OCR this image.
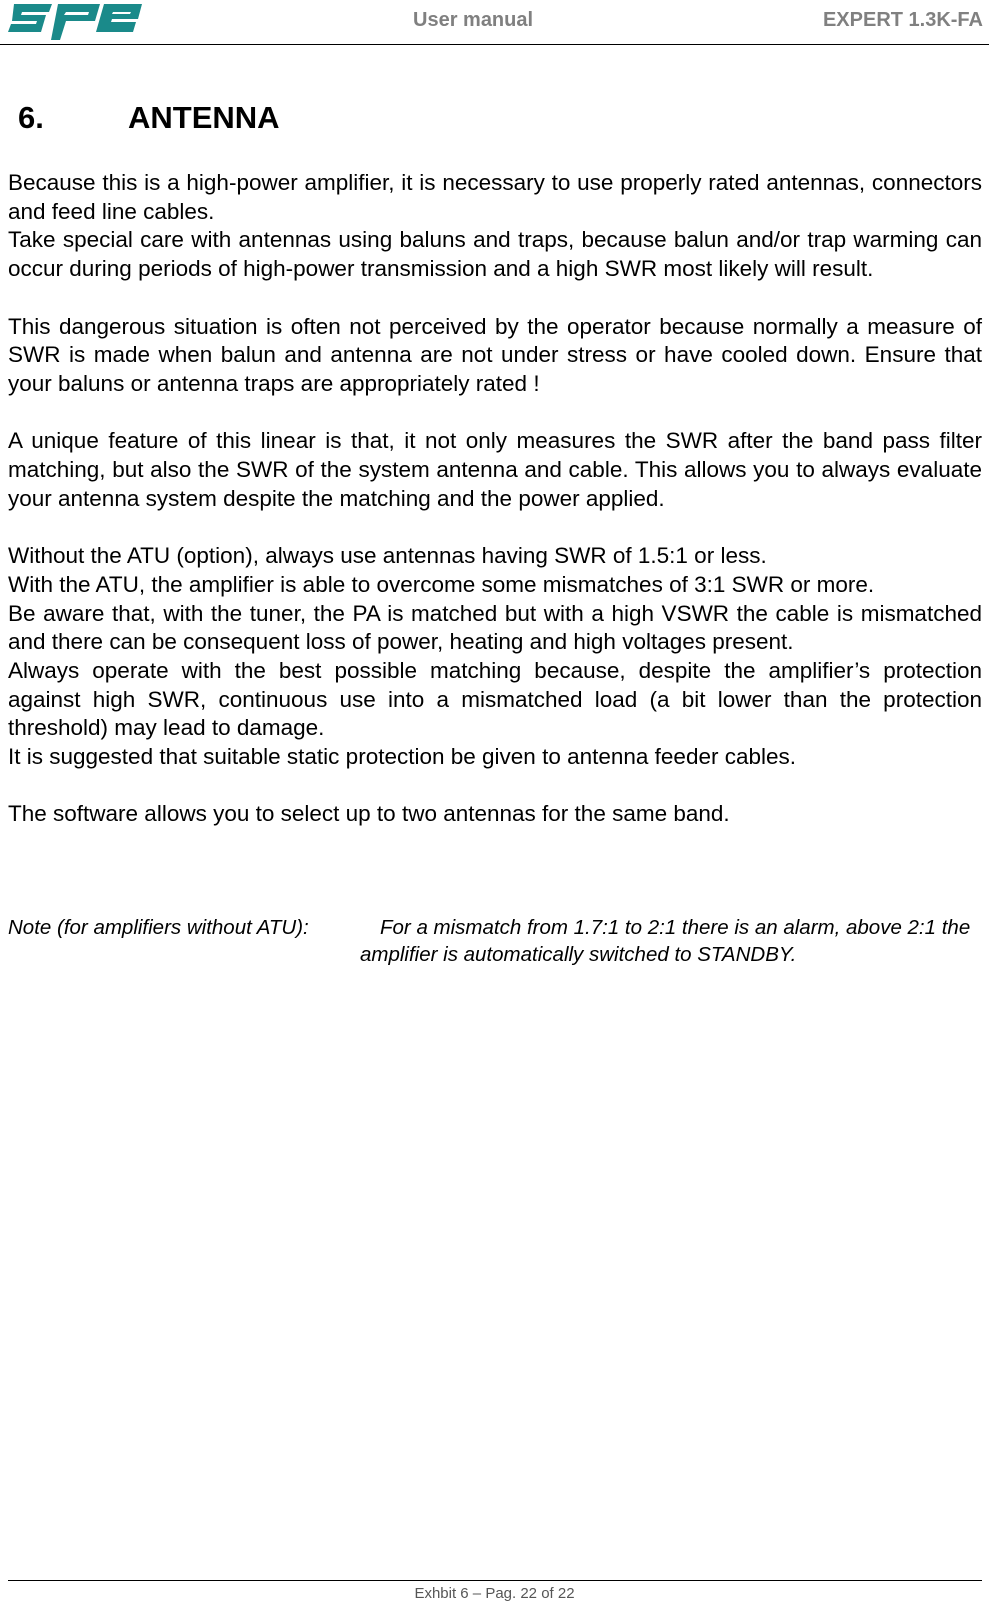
User manual	EXPERT 1.3K-FA
6.	ANTENNA

Because this is a high-power amplifier, it is necessary to use properly rated antennas, connectors and feed line cables.

Take special care with antennas using baluns and traps, because balun and/or trap warming can occur during periods of high-power transmission and a high SWR most likely will result.

This dangerous situation is often not perceived by the operator because normally a measure of SWR is made when balun and antenna are not under stress or have cooled down. Ensure that your baluns or antenna traps are appropriately rated !

A unique feature of this linear is that, it not only measures the SWR after the band pass filter matching, but also the SWR of the system antenna and cable. This allows you to always evaluate your antenna system despite the matching and the power applied.

Without the ATU (option), always use antennas having SWR of 1.5:1 or less.

With the ATU, the amplifier is able to overcome some mismatches of 3:1 SWR or more.

Be aware that, with the tuner, the PA is matched but with a high VSWR the cable is mismatched and there can be consequent loss of power, heating and high voltages present.

Always operate with the best possible matching because, despite the amplifier’s protection against high SWR, continuous use into a mismatched load (a bit lower than the protection threshold) may lead to damage.

It is suggested that suitable static protection be given to antenna feeder cables.

The software allows you to select up to two antennas for the same band.

Note (for amplifiers without ATU):	For a mismatch from 1.7:1 to 2:1 there is an alarm, above 2:1 the amplifier is automatically switched to STANDBY.
Exhbit 6 – Pag. 22 of 22
